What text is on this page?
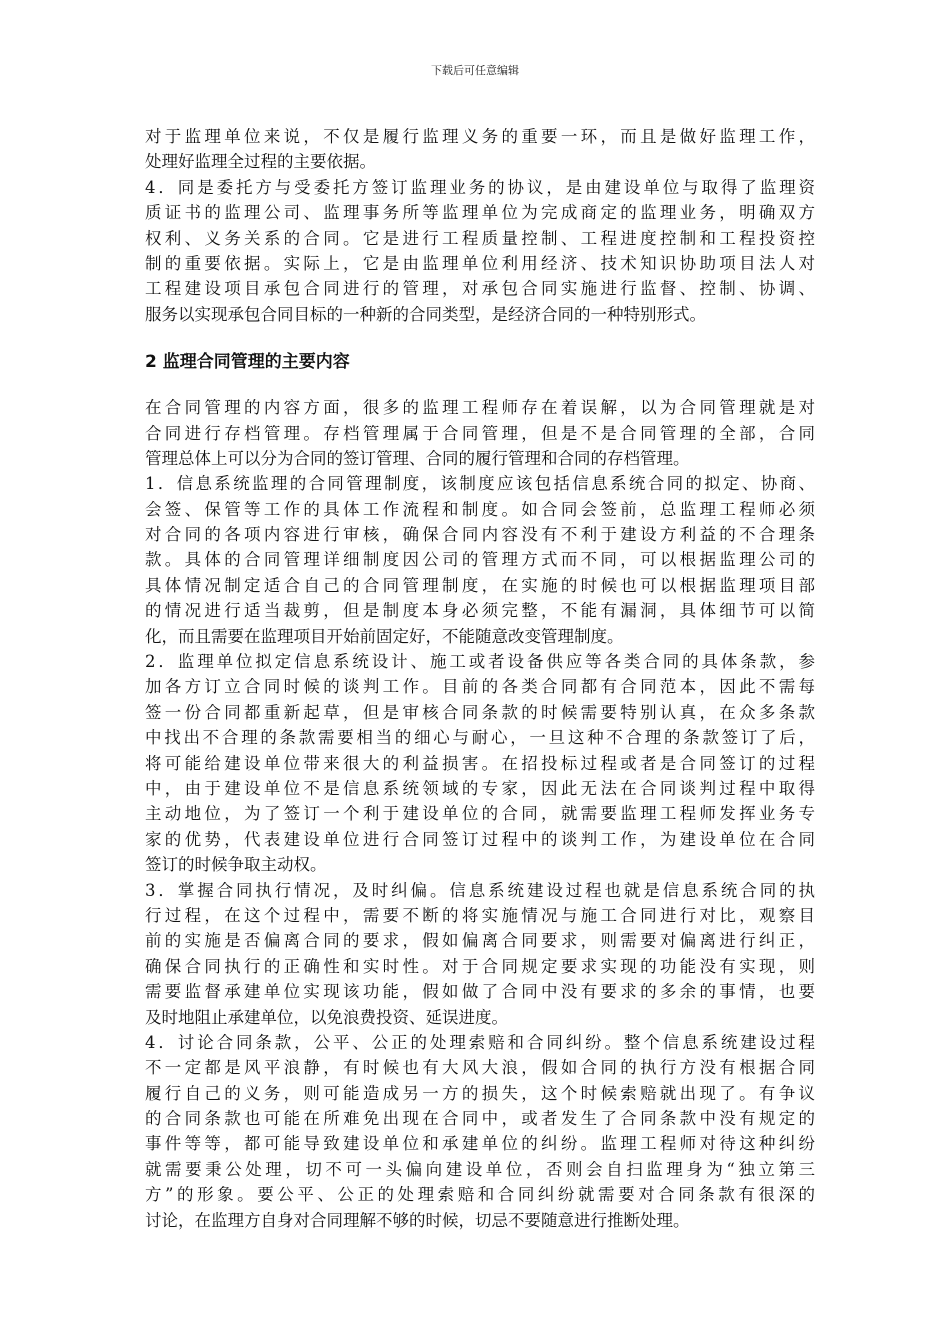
下载后可任意编辑
对于监理单位来说，不仅是履行监理义务的重要一环，而且是做好监理工作，
处理好监理全过程的主要依据。
4．同是委托方与受委托方签订监理业务的协议，是由建设单位与取得了监理资
质证书的监理公司、监理事务所等监理单位为完成商定的监理业务，明确双方
权利、义务关系的合同。它是进行工程质量控制、工程进度控制和工程投资控
制的重要依据。实际上，它是由监理单位利用经济、技术知识协助项目法人对
工程建设项目承包合同进行的管理，对承包合同实施进行监督、控制、协调、
服务以实现承包合同目标的一种新的合同类型，是经济合同的一种特别形式。
2 监理合同管理的主要内容
在合同管理的内容方面，很多的监理工程师存在着误解，以为合同管理就是对
合同进行存档管理。存档管理属于合同管理，但是不是合同管理的全部，合同
管理总体上可以分为合同的签订管理、合同的履行管理和合同的存档管理。
1．信息系统监理的合同管理制度，该制度应该包括信息系统合同的拟定、协商、
会签、保管等工作的具体工作流程和制度。如合同会签前，总监理工程师必须
对合同的各项内容进行审核，确保合同内容没有不利于建设方利益的不合理条
款。具体的合同管理详细制度因公司的管理方式而不同，可以根据监理公司的
具体情况制定适合自己的合同管理制度，在实施的时候也可以根据监理项目部
的情况进行适当裁剪，但是制度本身必须完整，不能有漏洞，具体细节可以简
化，而且需要在监理项目开始前固定好，不能随意改变管理制度。
2．监理单位拟定信息系统设计、施工或者设备供应等各类合同的具体条款，参
加各方订立合同时候的谈判工作。目前的各类合同都有合同范本，因此不需每
签一份合同都重新起草，但是审核合同条款的时候需要特别认真，在众多条款
中找出不合理的条款需要相当的细心与耐心，一旦这种不合理的条款签订了后，
将可能给建设单位带来很大的利益损害。在招投标过程或者是合同签订的过程
中，由于建设单位不是信息系统领域的专家，因此无法在合同谈判过程中取得
主动地位，为了签订一个利于建设单位的合同，就需要监理工程师发挥业务专
家的优势，代表建设单位进行合同签订过程中的谈判工作，为建设单位在合同
签订的时候争取主动权。
3．掌握合同执行情况，及时纠偏。信息系统建设过程也就是信息系统合同的执
行过程，在这个过程中，需要不断的将实施情况与施工合同进行对比，观察目
前的实施是否偏离合同的要求，假如偏离合同要求，则需要对偏离进行纠正，
确保合同执行的正确性和实时性。对于合同规定要求实现的功能没有实现，则
需要监督承建单位实现该功能，假如做了合同中没有要求的多余的事情，也要
及时地阻止承建单位，以免浪费投资、延误进度。
4．讨论合同条款，公平、公正的处理索赔和合同纠纷。整个信息系统建设过程
不一定都是风平浪静，有时候也有大风大浪，假如合同的执行方没有根据合同
履行自己的义务，则可能造成另一方的损失，这个时候索赔就出现了。有争议
的合同条款也可能在所难免出现在合同中，或者发生了合同条款中没有规定的
事件等等，都可能导致建设单位和承建单位的纠纷。监理工程师对待这种纠纷
就需要秉公处理，切不可一头偏向建设单位，否则会自扫监理身为“独立第三
方”的形象。要公平、公正的处理索赔和合同纠纷就需要对合同条款有很深的
讨论，在监理方自身对合同理解不够的时候，切忌不要随意进行推断处理。
